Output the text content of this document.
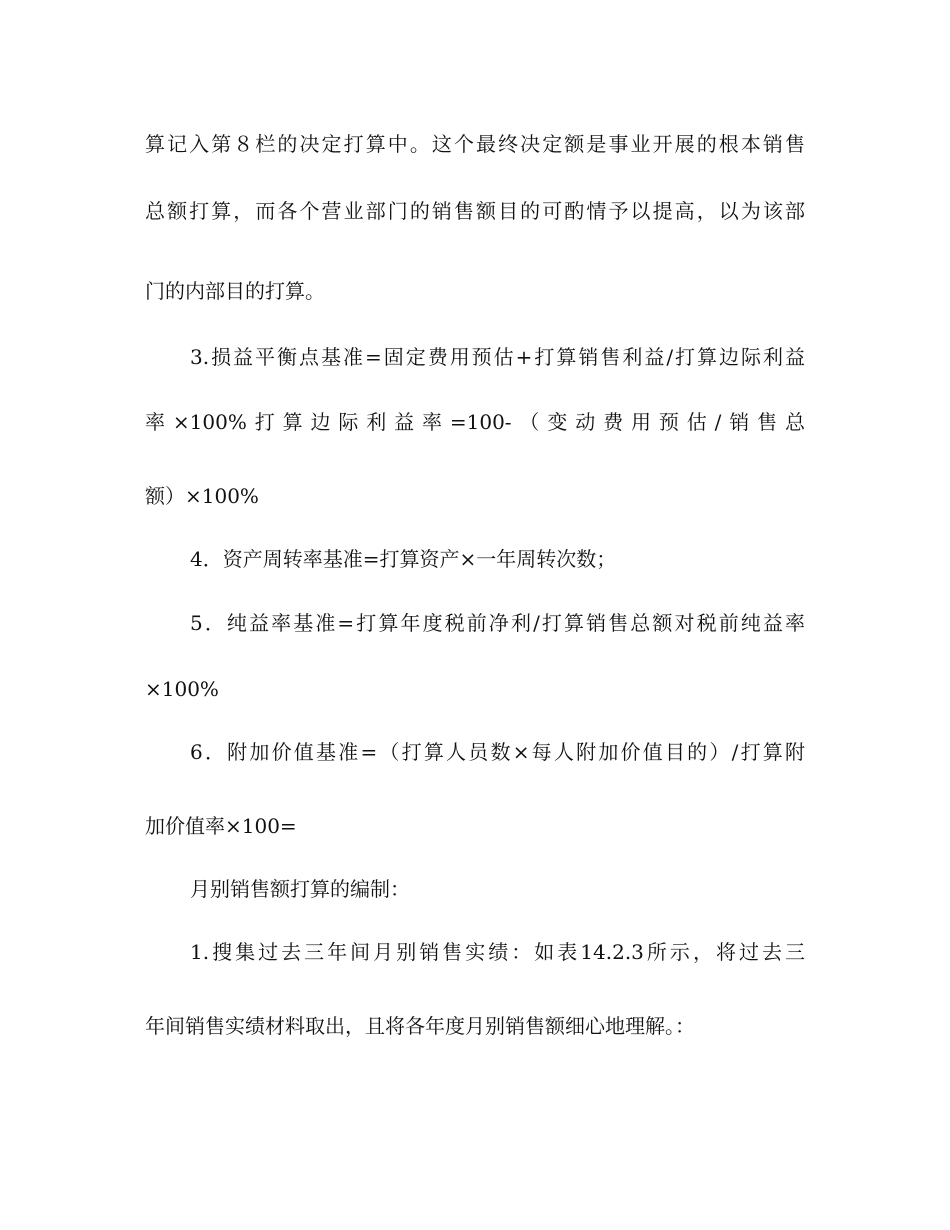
算记入第８栏的决定打算中。这个最终决定额是事业开展的根本销售

总额打算，而各个营业部门的销售额目的可酌情予以提高，以为该部

门的内部目的打算。

3.损益平衡点基准=固定费用预估+打算销售利益/打算边际利益

率×100%打算边际利益率=100-（变动费用预估/销售总

额）×100%

4．资产周转率基准=打算资产×一年周转次数；

5．纯益率基准=打算年度税前净利/打算销售总额对税前纯益率

×100%

6．附加价值基准=（打算人员数×每人附加价值目的）/打算附

加价值率×100=

月别销售额打算的编制：

1.搜集过去三年间月别销售实绩：如表14.2.3所示，将过去三

年间销售实绩材料取出，且将各年度月别销售额细心地理解。：
